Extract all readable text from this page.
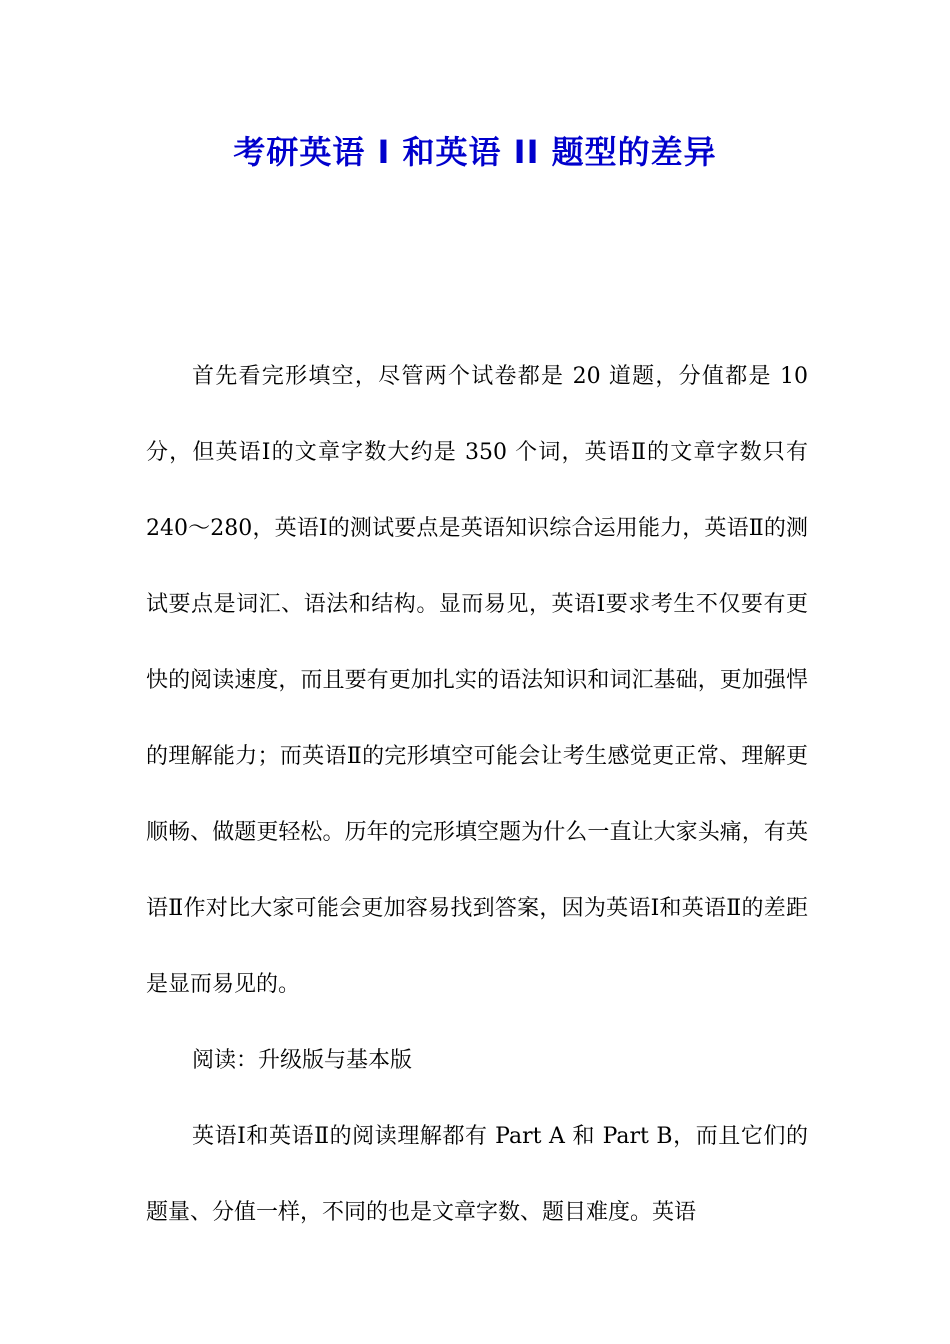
考研英语 I 和英语 II 题型的差异

首先看完形填空，尽管两个试卷都是 20 道题，分值都是 10 分，但英语Ⅰ的文章字数大约是 350 个词，英语Ⅱ的文章字数只有 240～280，英语Ⅰ的测试要点是英语知识综合运用能力，英语Ⅱ的测试要点是词汇、语法和结构。显而易见，英语Ⅰ要求考生不仅要有更快的阅读速度，而且要有更加扎实的语法知识和词汇基础，更加强悍的理解能力；而英语Ⅱ的完形填空可能会让考生感觉更正常、理解更顺畅、做题更轻松。历年的完形填空题为什么一直让大家头痛，有英语Ⅱ作对比大家可能会更加容易找到答案，因为英语Ⅰ和英语Ⅱ的差距是显而易见的。

阅读：升级版与基本版

英语Ⅰ和英语Ⅱ的阅读理解都有 Part A 和 Part B，而且它们的题量、分值一样，不同的也是文章字数、题目难度。英语
